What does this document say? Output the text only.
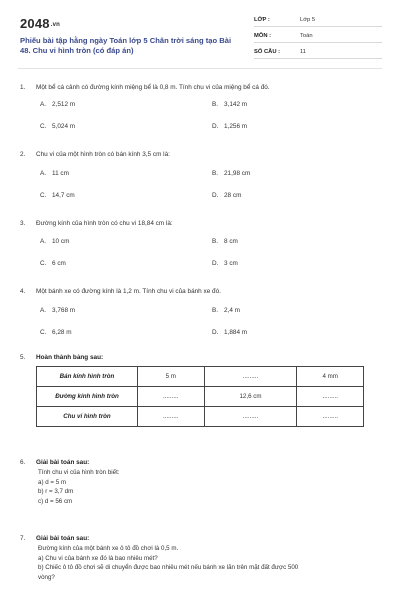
2048.vn
Phiếu bài tập hằng ngày Toán lớp 5 Chân trời sáng tạo Bài 48. Chu vi hình tròn (có đáp án)
LỚP :	Lớp 5
MÔN :	Toán
SỐ CÂU :	11
1. Một bể cá cảnh có đường kính miệng bể là 0,8 m. Tính chu vi của miệng bể cá đó.
A. 2,512 m	B. 3,142 m
C. 5,024 m	D. 1,256 m
2. Chu vi của một hình tròn có bán kính 3,5 cm là:
A. 11 cm	B. 21,98 cm
C. 14,7 cm	D. 28 cm
3. Đường kính của hình tròn có chu vi 18,84 cm là:
A. 10 cm	B. 8 cm
C. 6 cm	D. 3 cm
4. Một bánh xe có đường kính là 1,2 m. Tính chu vi của bánh xe đó.
A. 3,768 m	B. 2,4 m
C. 6,28 m	D. 1,884 m
5. Hoàn thành bảng sau:
Bán kính hình tròn	5 m	.........	4 mm
Đường kính hình tròn	.........	12,6 cm	.........
Chu vi hình tròn	.........	.........	.........
6. Giải bài toán sau:
Tính chu vi của hình tròn biết:
a) d = 5 m
b) r = 3,7 dm
c) d = 56 cm
7. Giải bài toán sau:
Đường kính của một bánh xe ô tô đồ chơi là 0,5 m.
a) Chu vi của bánh xe đó là bao nhiêu mét?
b) Chiếc ô tô đồ chơi sẽ di chuyển được bao nhiêu mét nếu bánh xe lăn trên mặt đất được 500
vòng?
